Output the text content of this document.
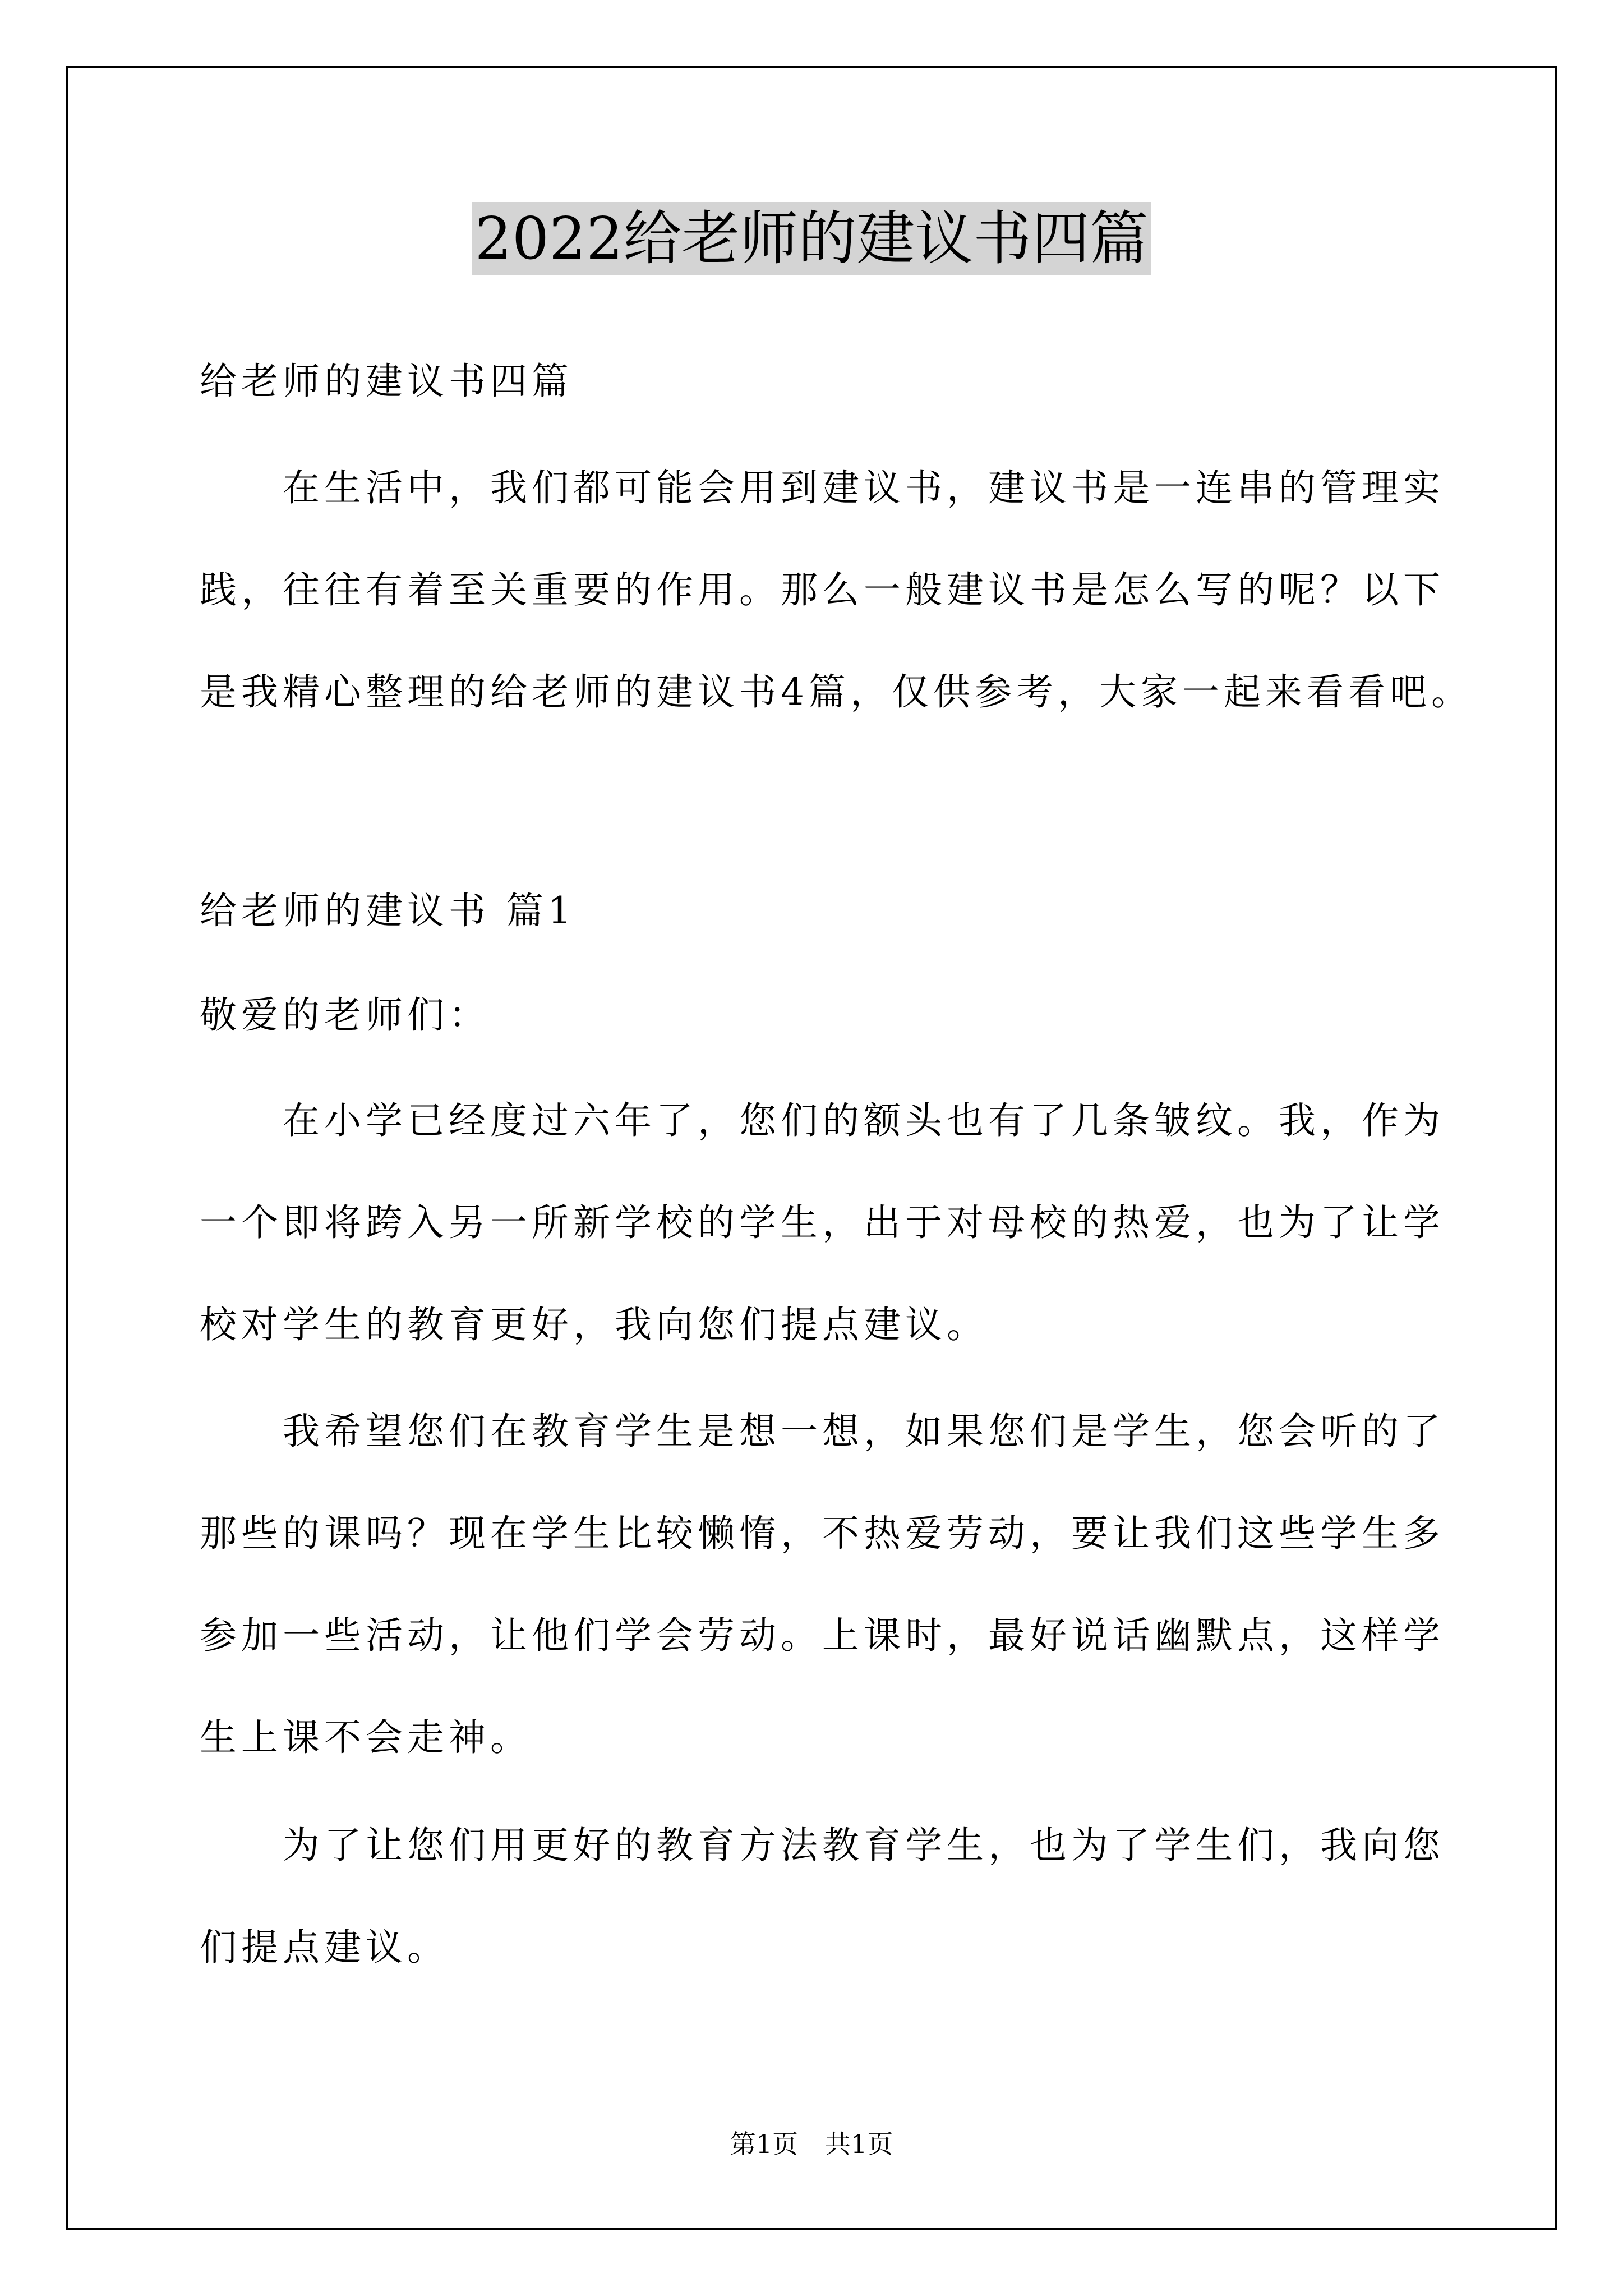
2022给老师的建议书四篇
给老师的建议书四篇
在生活中，我们都可能会用到建议书，建议书是一连串的管理实
践，往往有着至关重要的作用。那么一般建议书是怎么写的呢？以下
是我精心整理的给老师的建议书4篇，仅供参考，大家一起来看看吧。
给老师的建议书 篇1
敬爱的老师们：
在小学已经度过六年了，您们的额头也有了几条皱纹。我，作为
一个即将跨入另一所新学校的学生，出于对母校的热爱，也为了让学
校对学生的教育更好，我向您们提点建议。
我希望您们在教育学生是想一想，如果您们是学生，您会听的了
那些的课吗？现在学生比较懒惰，不热爱劳动，要让我们这些学生多
参加一些活动，让他们学会劳动。上课时，最好说话幽默点，这样学
生上课不会走神。
为了让您们用更好的教育方法教育学生，也为了学生们，我向您
们提点建议。
第1页 共1页
